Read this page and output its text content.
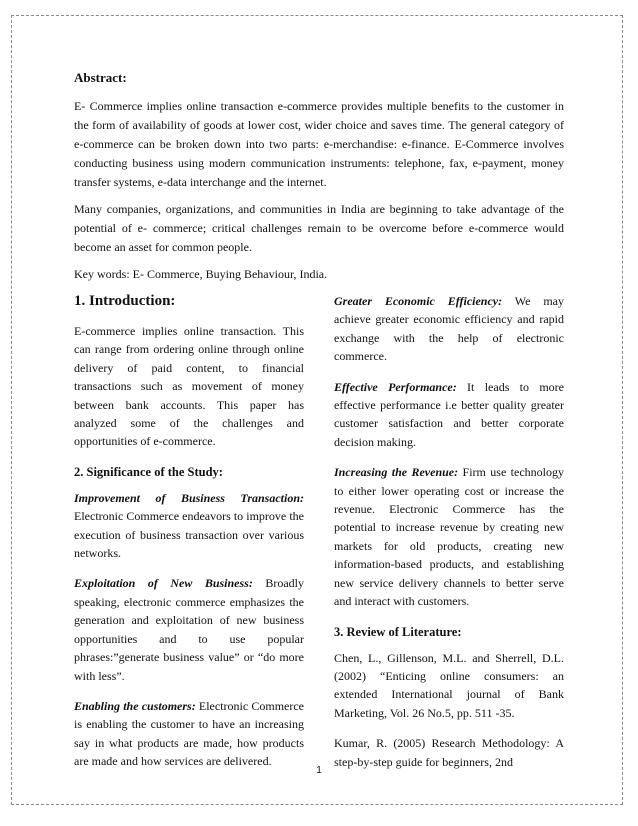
Abstract:

E- Commerce implies online transaction e-commerce provides multiple benefits to the customer in the form of availability of goods at lower cost, wider choice and saves time. The general category of e-commerce can be broken down into two parts: e-merchandise: e-finance. E-Commerce involves conducting business using modern communication instruments: telephone, fax, e-payment, money transfer systems, e-data interchange and the internet.

Many companies, organizations, and communities in India are beginning to take advantage of the potential of e- commerce; critical challenges remain to be overcome before e-commerce would become an asset for common people.

Key words: E- Commerce, Buying Behaviour, India.

1. Introduction:

E-commerce implies online transaction. This can range from ordering online through online delivery of paid content, to financial transactions such as movement of money between bank accounts. This paper has analyzed some of the challenges and opportunities of e-commerce.

2. Significance of the Study:

Improvement of Business Transaction: Electronic Commerce endeavors to improve the execution of business transaction over various networks.

Exploitation of New Business: Broadly speaking, electronic commerce emphasizes the generation and exploitation of new business opportunities and to use popular phrases:”generate business value” or “do more with less”.

Enabling the customers: Electronic Commerce is enabling the customer to have an increasing say in what products are made, how products are made and how services are delivered.

Greater Economic Efficiency: We may achieve greater economic efficiency and rapid exchange with the help of electronic commerce.

Effective Performance: It leads to more effective performance i.e better quality greater customer satisfaction and better corporate decision making.

Increasing the Revenue: Firm use technology to either lower operating cost or increase the revenue. Electronic Commerce has the potential to increase revenue by creating new markets for old products, creating new information-based products, and establishing new service delivery channels to better serve and interact with customers.

3. Review of Literature:

Chen, L., Gillenson, M.L. and Sherrell, D.L. (2002) “Enticing online consumers: an extended International journal of Bank Marketing, Vol. 26 No.5, pp. 511 -35.

Kumar, R. (2005) Research Methodology: A step-by-step guide for beginners, 2nd

1
